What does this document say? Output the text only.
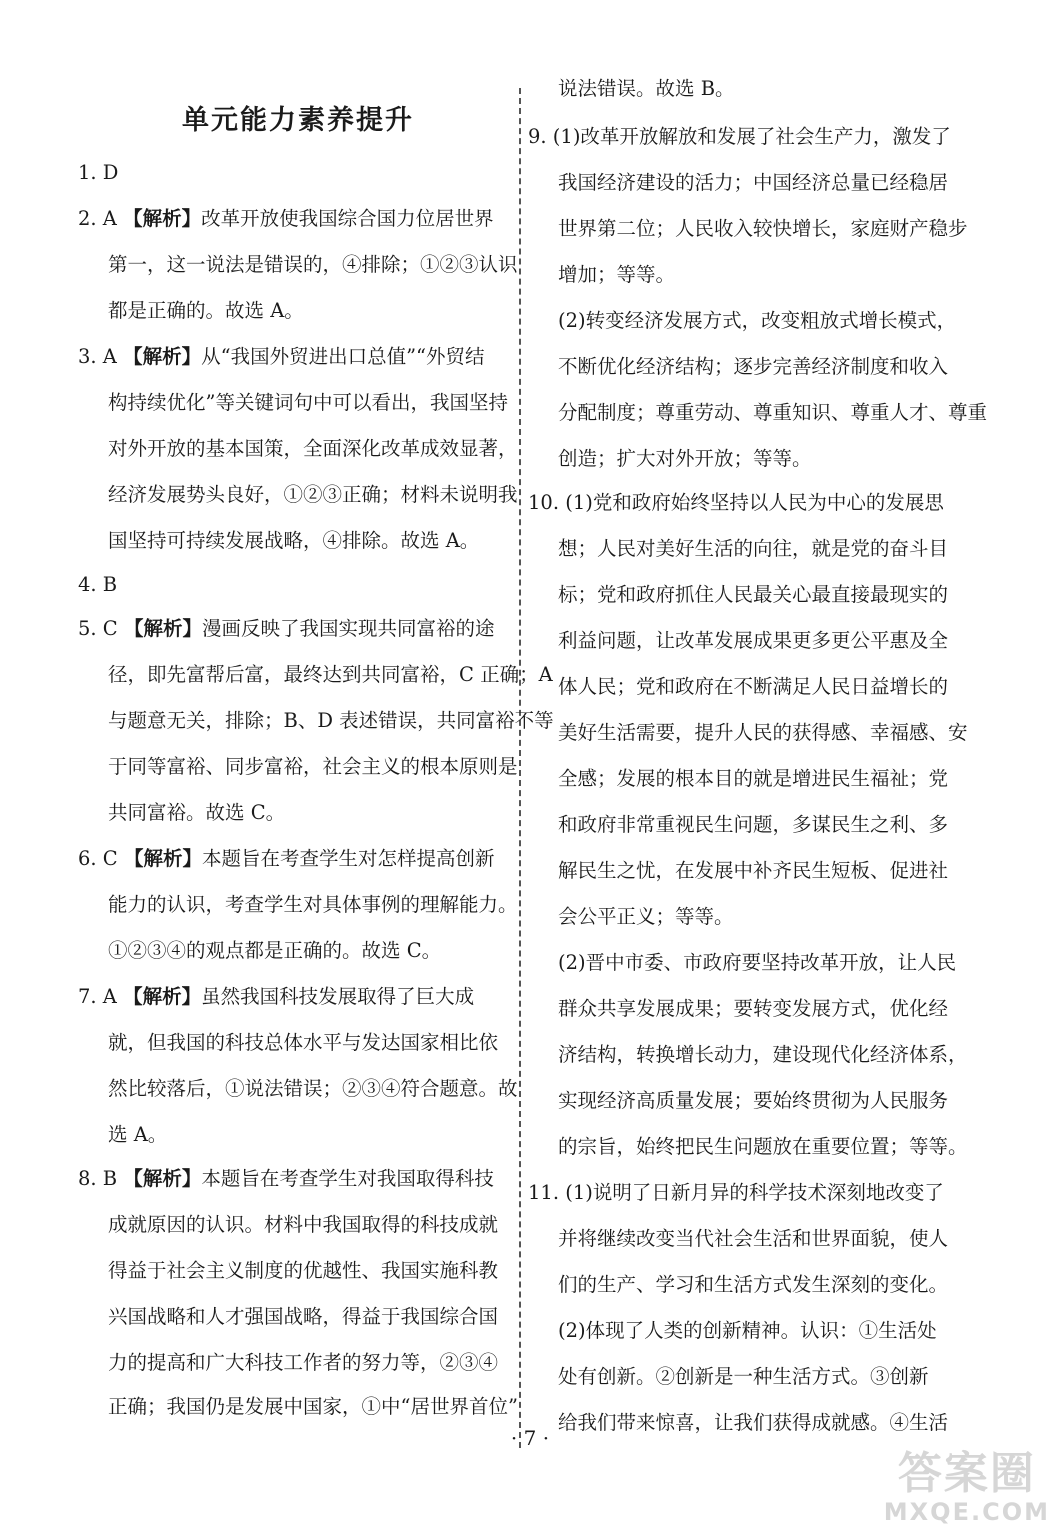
单元能力素养提升
1. D
2. A 【解析】改革开放使我国综合国力位居世界
第一，这一说法是错误的，④排除；①②③认识
都是正确的。故选 A。
3. A 【解析】从“我国外贸进出口总值”“外贸结
构持续优化”等关键词句中可以看出，我国坚持
对外开放的基本国策，全面深化改革成效显著，
经济发展势头良好，①②③正确；材料未说明我
国坚持可持续发展战略，④排除。故选 A。
4. B
5. C 【解析】漫画反映了我国实现共同富裕的途
径，即先富帮后富，最终达到共同富裕，C 正确；A
与题意无关，排除；B、D 表述错误，共同富裕不等
于同等富裕、同步富裕，社会主义的根本原则是
共同富裕。故选 C。
6. C 【解析】本题旨在考查学生对怎样提高创新
能力的认识，考查学生对具体事例的理解能力。
①②③④的观点都是正确的。故选 C。
7. A 【解析】虽然我国科技发展取得了巨大成
就，但我国的科技总体水平与发达国家相比依
然比较落后，①说法错误；②③④符合题意。故
选 A。
8. B 【解析】本题旨在考查学生对我国取得科技
成就原因的认识。材料中我国取得的科技成就
得益于社会主义制度的优越性、我国实施科教
兴国战略和人才强国战略，得益于我国综合国
力的提高和广大科技工作者的努力等，②③④
正确；我国仍是发展中国家，①中“居世界首位”
说法错误。故选 B。
9. (1)改革开放解放和发展了社会生产力，激发了
我国经济建设的活力；中国经济总量已经稳居
世界第二位；人民收入较快增长，家庭财产稳步
增加；等等。
(2)转变经济发展方式，改变粗放式增长模式，
不断优化经济结构；逐步完善经济制度和收入
分配制度；尊重劳动、尊重知识、尊重人才、尊重
创造；扩大对外开放；等等。
10. (1)党和政府始终坚持以人民为中心的发展思
想；人民对美好生活的向往，就是党的奋斗目
标；党和政府抓住人民最关心最直接最现实的
利益问题，让改革发展成果更多更公平惠及全
体人民；党和政府在不断满足人民日益增长的
美好生活需要，提升人民的获得感、幸福感、安
全感；发展的根本目的就是增进民生福祉；党
和政府非常重视民生问题，多谋民生之利、多
解民生之忧，在发展中补齐民生短板、促进社
会公平正义；等等。
(2)晋中市委、市政府要坚持改革开放，让人民
群众共享发展成果；要转变发展方式，优化经
济结构，转换增长动力，建设现代化经济体系，
实现经济高质量发展；要始终贯彻为人民服务
的宗旨，始终把民生问题放在重要位置；等等。
11. (1)说明了日新月异的科学技术深刻地改变了
并将继续改变当代社会生活和世界面貌，使人
们的生产、学习和生活方式发生深刻的变化。
(2)体现了人类的创新精神。认识：①生活处
处有创新。②创新是一种生活方式。③创新
给我们带来惊喜，让我们获得成就感。④生活
· 7 ·
答案圈
MXQE.COM
